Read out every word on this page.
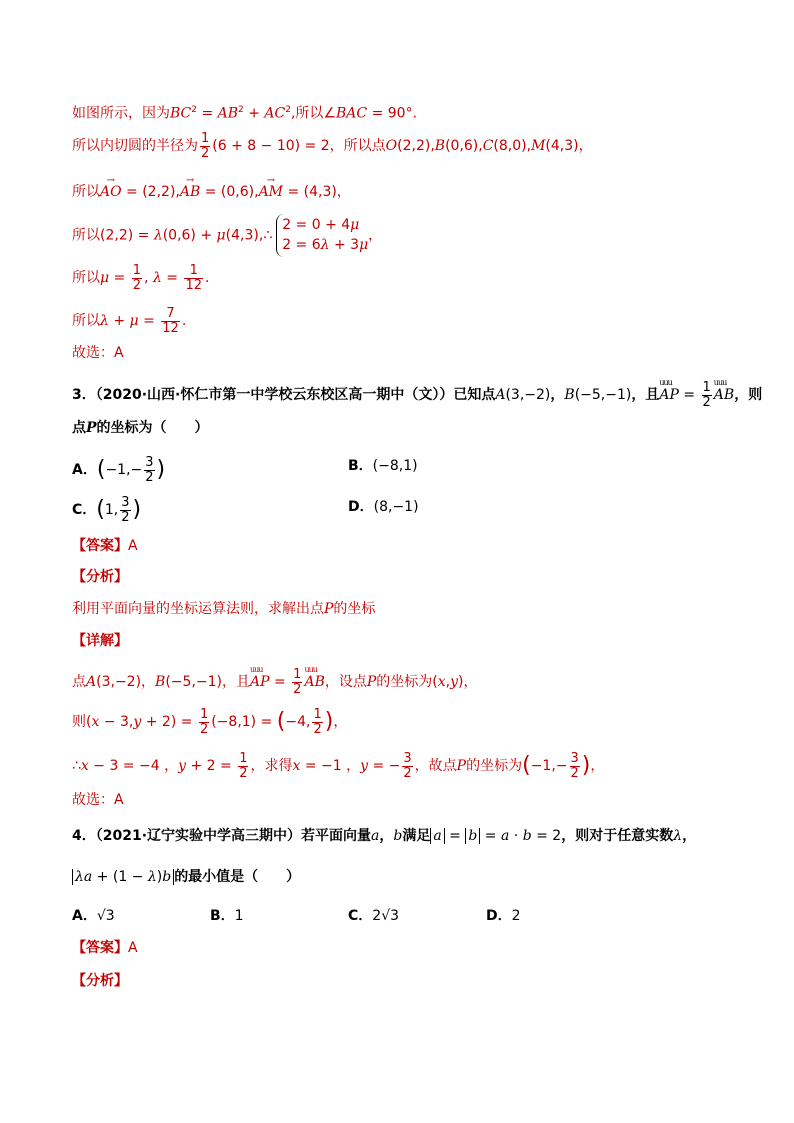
如图所示，因为$BC^2 = AB^2 + AC^2$,所以∠BAC = 90°.
所以内切圆的半径为 $\frac{1}{2} (6 + 8 - 10) = 2$，所以点O(2,2),B(0,6),C(8,0),M(4,3)，
所以→ AO = (2,2),→ AB = (0,6),→ AM = (4,3)，
所以(2,2) = λ(0,6) + μ(4,3),∴
2 = 0 + 4μ
2 = 6λ + 3μ
，
所以$\mu = \frac{1}{2}$ , $\lambda = \frac{1}{12}$ .
所以$\lambda + \mu = \frac{7}{12}$ .
故选：A
3．（2020·山西·怀仁市第一中学校云东校区高一期中（文））已知点A(3,−2)，B(−5,−1)，且uuu AP = $\frac{1}{2}$ uuu AB，则
点P的坐标为（　　）
A．($-1,- \frac{3}{2}$ )	B．(−8,1)
C．(1, $\frac{3}{2}$ )	D．(8,−1)
【答案】A
【分析】
利用平面向量的坐标运算法则，求解出点P的坐标
【详解】
点A(3,−2)，B(−5,−1)，且uuu AP = $\frac{1}{2}$ uuu AB，设点P的坐标为(x,y)，
则$(x - 3,y + 2) = \frac{1}{2} (-8,1) = (-4$, $\frac{1}{2}$ )，
∴x − 3 = −4 ，$y + 2 = \frac{1}{2}$ ，求得x = −1 ，y = − $\frac{3}{2}$ ，故点P的坐标为($-1,- \frac{3}{2}$ )，
故选：A
4．（2021·辽宁实验中学高三期中）若平面向量a，b满足 a = b = a · b = 2，则对于任意实数λ，
λa + (1 − λ)b 的最小值是（　　）
A．√3	B．1	C．2√3	D．2
【答案】A
【分析】
